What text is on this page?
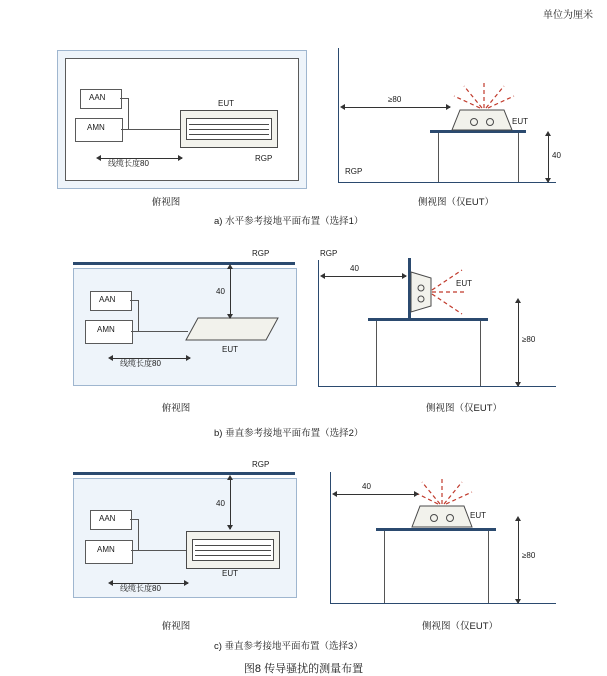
单位为厘米
AAN
AMN
EUT
RGP
线缆长度80
俯视图
RGP
EUT
≥80
40
侧视图（仅EUT）
a) 水平参考接地平面布置（选择1）
RGP
AAN
AMN
EUT
40
线缆长度80
俯视图
RGP
EUT
40
≥80
侧视图（仅EUT）
b) 垂直参考接地平面布置（选择2）
RGP
AAN
AMN
EUT
40
线缆长度80
俯视图
EUT
40
≥80
侧视图（仅EUT）
c) 垂直参考接地平面布置（选择3）
图8 传导骚扰的测量布置
